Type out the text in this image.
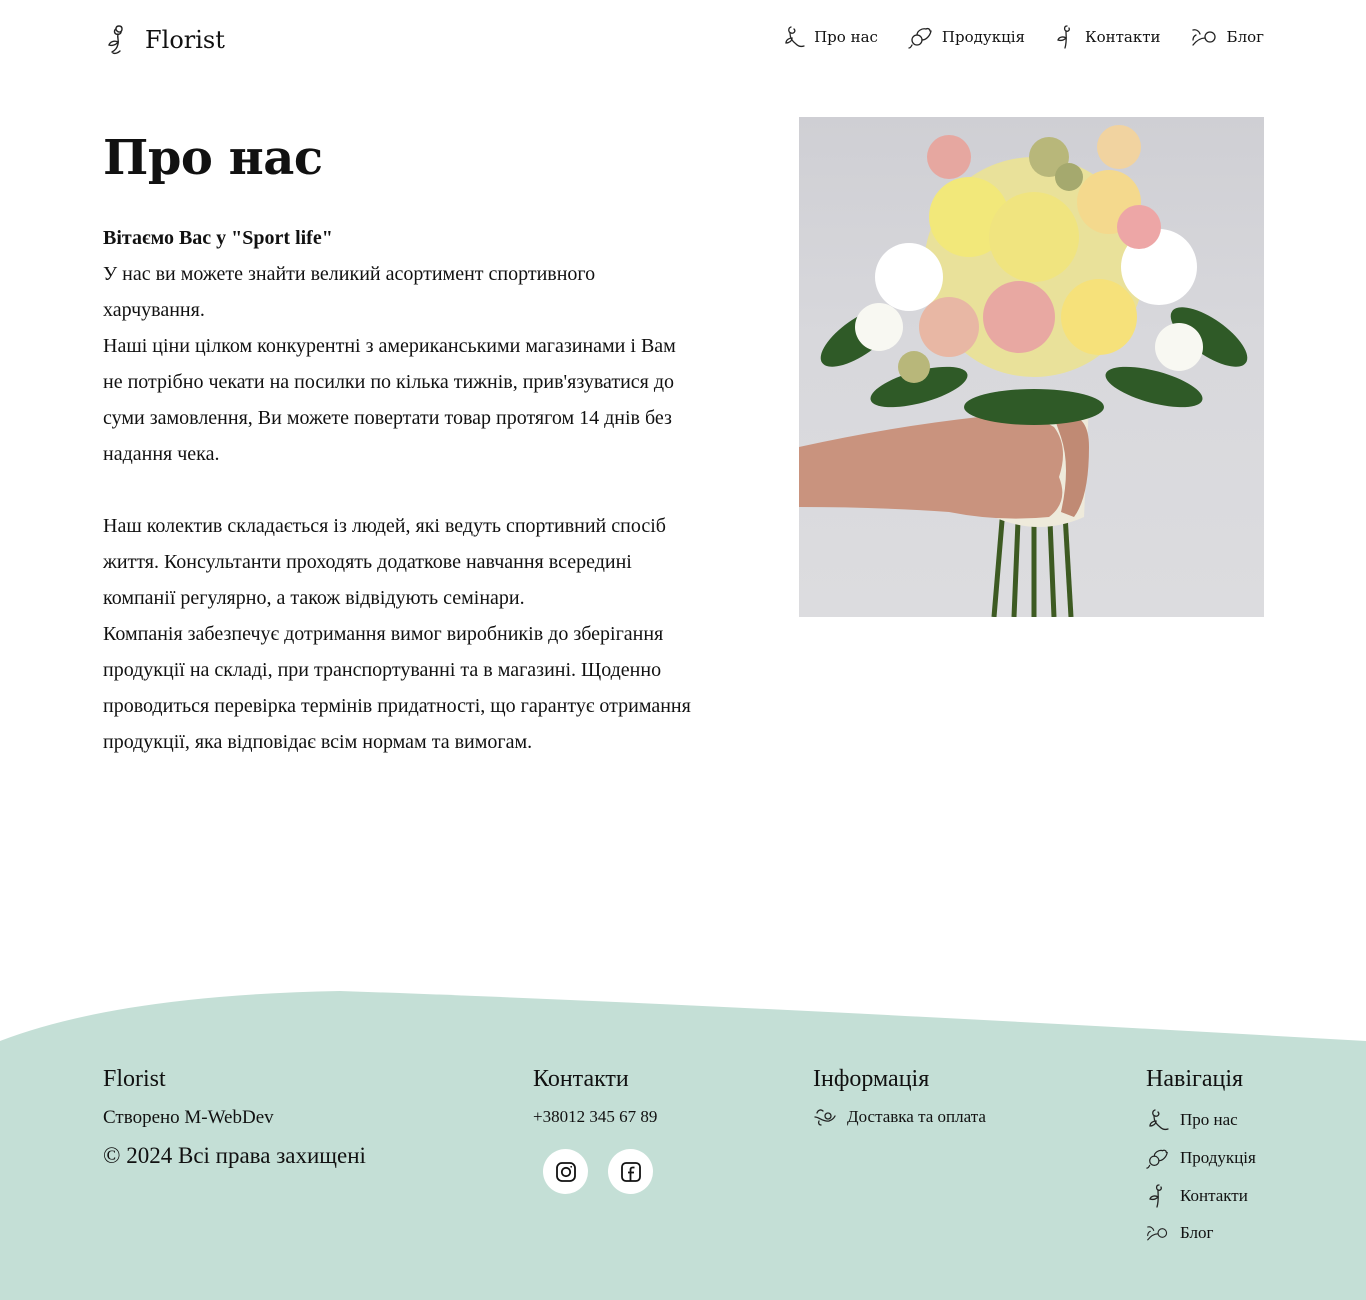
Florist	Про нас	Продукція	Контакти	Блог
Про нас

Вітаємо Вас у "Sport life"

У нас ви можете знайти великий асортимент спортивного харчування.

Наші ціни цілком конкурентні з американськими магазинами і Вам не потрібно чекати на посилки по кілька тижнів, прив'язуватися до суми замовлення, Ви можете повертати товар протягом 14 днів без надання чека.

Наш колектив складається із людей, які ведуть спортивний спосіб життя. Консультанти проходять додаткове навчання всередині компанії регулярно, а також відвідують семінари.

Компанія забезпечує дотримання вимог виробників до зберігання продукції на складі, при транспортуванні та в магазині. Щоденно проводиться перевірка термінів придатності, що гарантує отримання продукції, яка відповідає всім нормам та вимогам.

Florist
Створено M-WebDev
© 2024 Всі права захищені
Контакти
+38012 345 67 89
Інформація
Доставка та оплата
Навігація
Про нас
Продукція
Контакти
Блог
